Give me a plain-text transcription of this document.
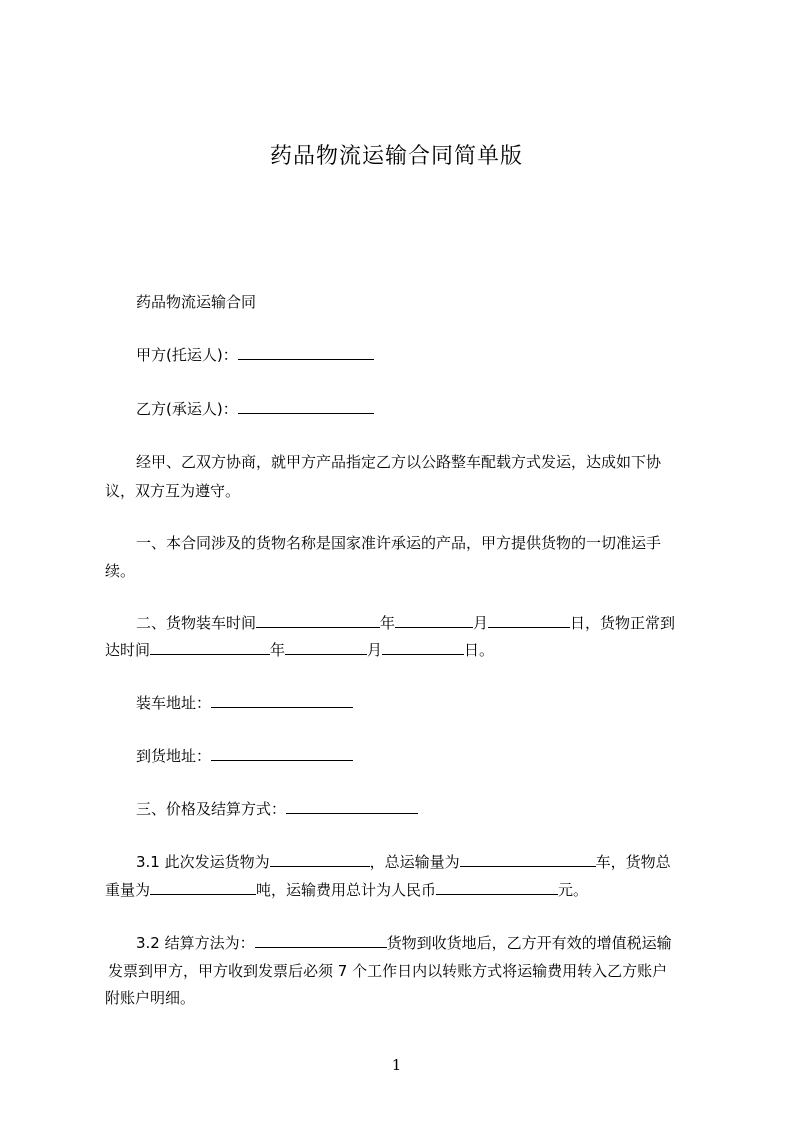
药品物流运输合同简单版
药品物流运输合同
甲方(托运人)：
乙方(承运人)：
经甲、乙双方协商，就甲方产品指定乙方以公路整车配载方式发运，达成如下协
议，双方互为遵守。
一、本合同涉及的货物名称是国家准许承运的产品，甲方提供货物的一切准运手
续。
二、货物装车时间	年	月	日，货物正常到
达时间	年	月	日。
装车地址：
到货地址：
三、价格及结算方式：
3.1 此次发运货物为	，总运输量为	车，货物总
重量为	吨，运输费用总计为人民币	元。
3.2 结算方法为：	货物到收货地后，乙方开有效的增值税运输
发票到甲方，甲方收到发票后必须 7 个工作日内以转账方式将运输费用转入乙方账户
附账户明细。
1
